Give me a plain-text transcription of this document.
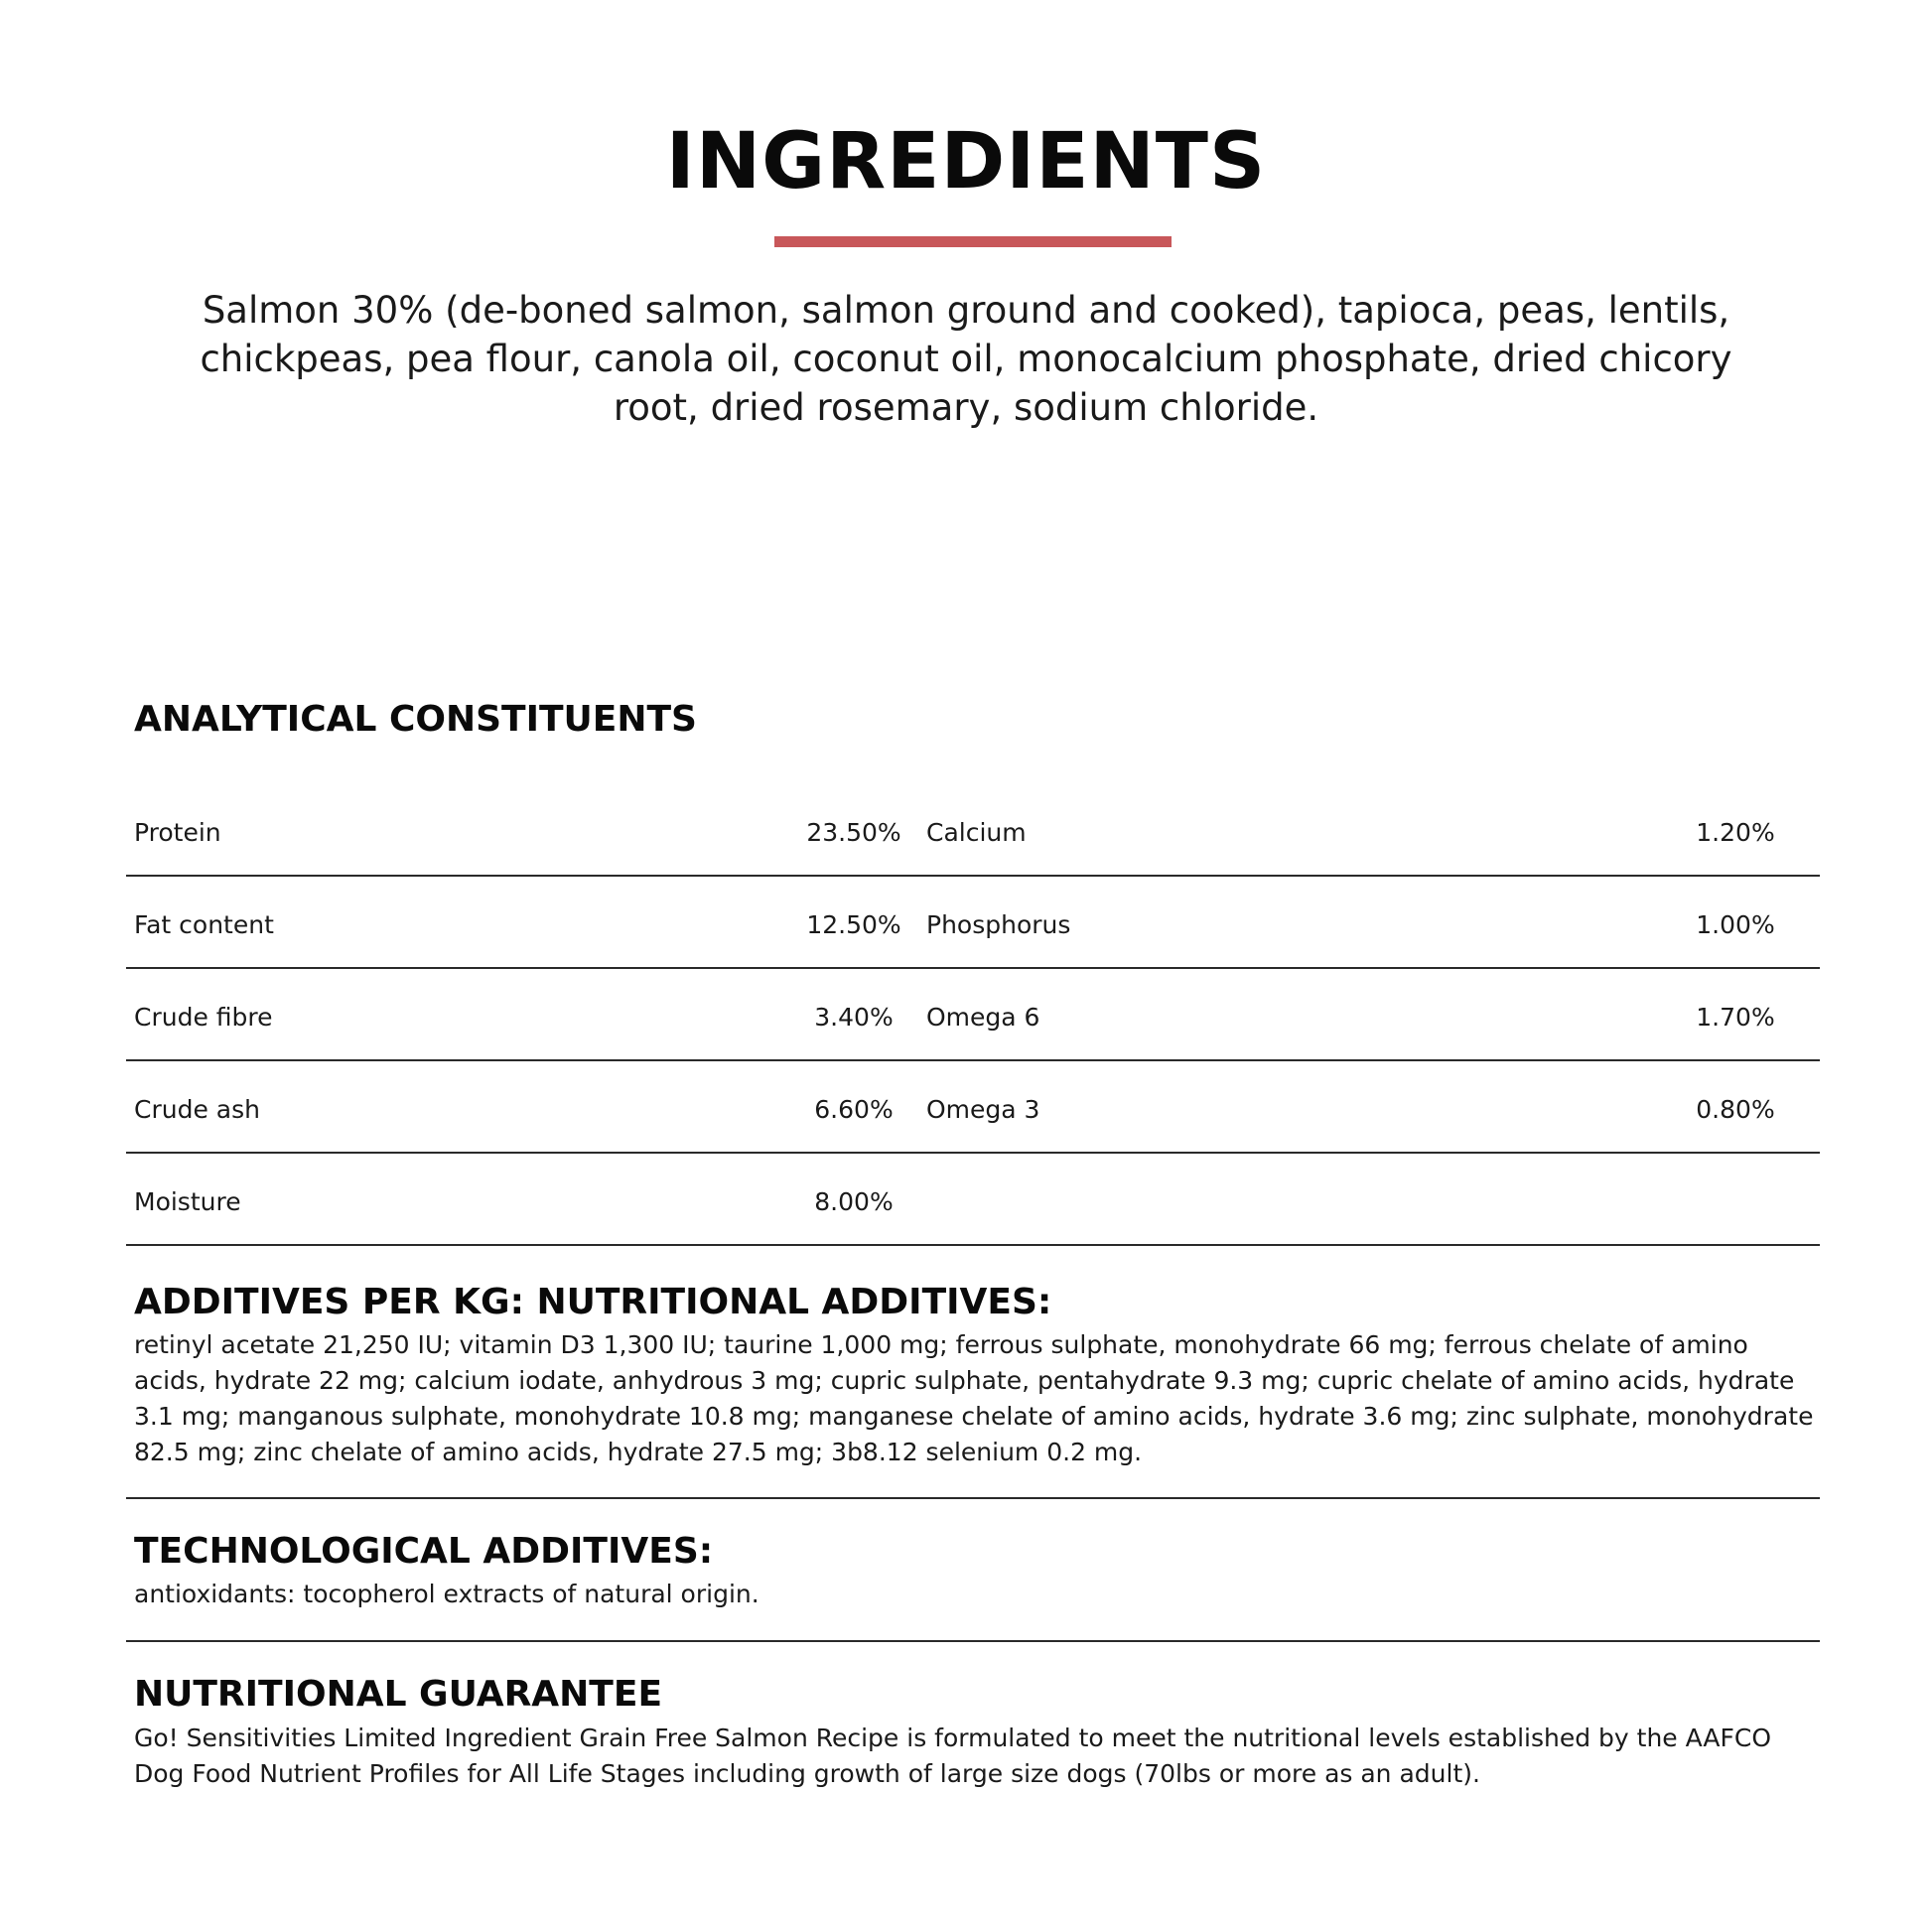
INGREDIENTS
Salmon 30% (de-boned salmon, salmon ground and cooked), tapioca, peas, lentils, chickpeas, pea flour, canola oil, coconut oil, monocalcium phosphate, dried chicory root, dried rosemary, sodium chloride.
ANALYTICAL CONSTITUENTS
Protein	23.50%	Calcium	1.20%
Fat content	12.50%	Phosphorus	1.00%
Crude fibre	3.40%	Omega 6	1.70%
Crude ash	6.60%	Omega 3	0.80%
Moisture	8.00%
ADDITIVES PER KG: NUTRITIONAL ADDITIVES:
retinyl acetate 21,250 IU; vitamin D3 1,300 IU; taurine 1,000 mg; ferrous sulphate, monohydrate 66 mg; ferrous chelate of amino acids, hydrate 22 mg; calcium iodate, anhydrous 3 mg; cupric sulphate, pentahydrate 9.3 mg; cupric chelate of amino acids, hydrate 3.1 mg; manganous sulphate, monohydrate 10.8 mg; manganese chelate of amino acids, hydrate 3.6 mg; zinc sulphate, monohydrate 82.5 mg; zinc chelate of amino acids, hydrate 27.5 mg; 3b8.12 selenium 0.2 mg.
TECHNOLOGICAL ADDITIVES:
antioxidants: tocopherol extracts of natural origin.
NUTRITIONAL GUARANTEE
Go! Sensitivities Limited Ingredient Grain Free Salmon Recipe is formulated to meet the nutritional levels established by the AAFCO Dog Food Nutrient Profiles for All Life Stages including growth of large size dogs (70lbs or more as an adult).
